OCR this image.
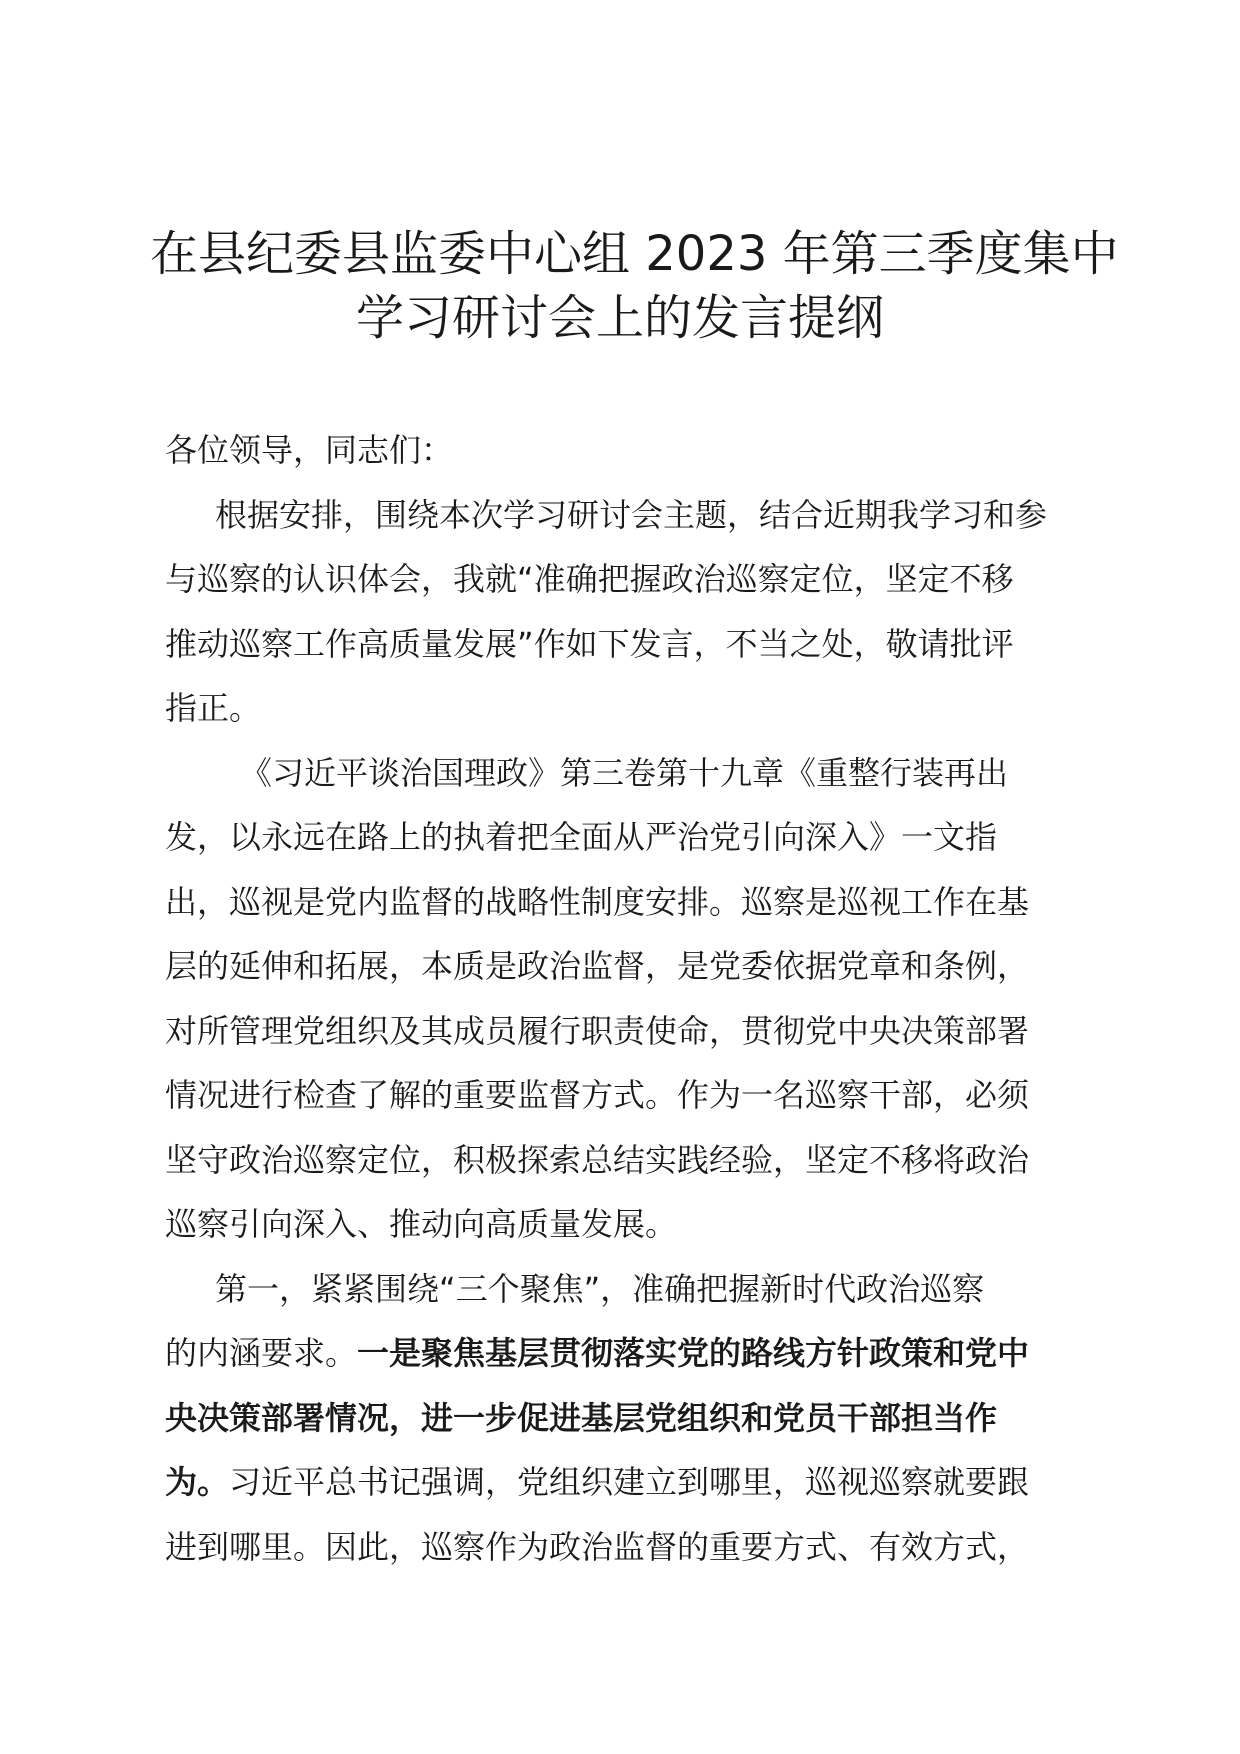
在县纪委县监委中心组 2023 年第三季度集中
学习研讨会上的发言提纲
各位领导，同志们：
根据安排，围绕本次学习研讨会主题，结合近期我学习和参
与巡察的认识体会，我就“准确把握政治巡察定位，坚定不移
推动巡察工作高质量发展”作如下发言，不当之处，敬请批评
指正。
《习近平谈治国理政》第三卷第十九章《重整行装再出
发，以永远在路上的执着把全面从严治党引向深入》一文指
出，巡视是党内监督的战略性制度安排。巡察是巡视工作在基
层的延伸和拓展，本质是政治监督，是党委依据党章和条例，
对所管理党组织及其成员履行职责使命，贯彻党中央决策部署
情况进行检查了解的重要监督方式。作为一名巡察干部，必须
坚守政治巡察定位，积极探索总结实践经验，坚定不移将政治
巡察引向深入、推动向高质量发展。
第一，紧紧围绕“三个聚焦”，准确把握新时代政治巡察
的内涵要求。一是聚焦基层贯彻落实党的路线方针政策和党中
央决策部署情况，进一步促进基层党组织和党员干部担当作
为。习近平总书记强调，党组织建立到哪里，巡视巡察就要跟
进到哪里。因此，巡察作为政治监督的重要方式、有效方式，
